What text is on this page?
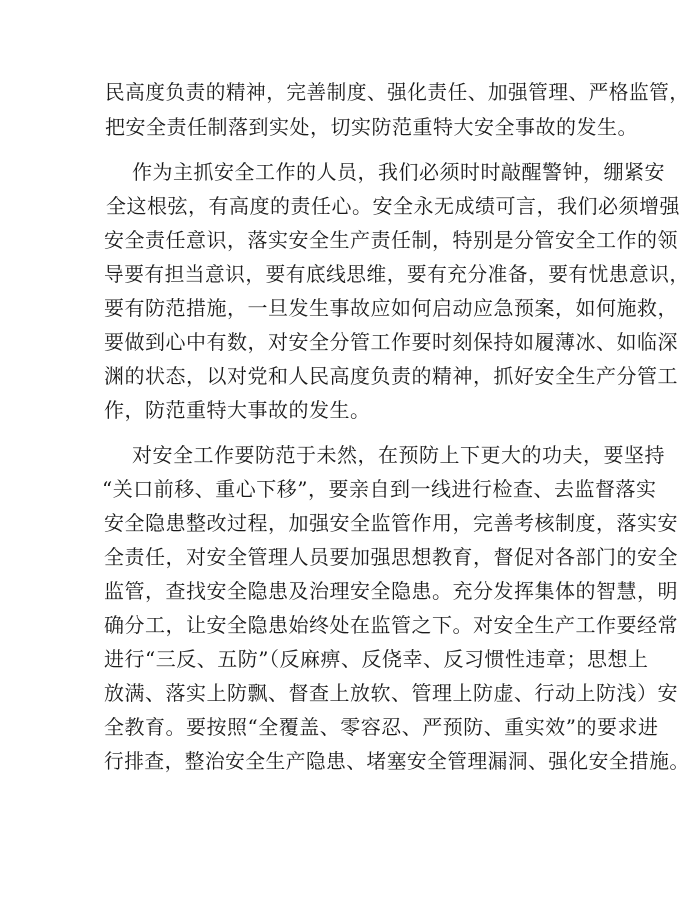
民高度负责的精神，完善制度、强化责任、加强管理、严格监管，
把安全责任制落到实处，切实防范重特大安全事故的发生。
作为主抓安全工作的人员，我们必须时时敲醒警钟，绷紧安
全这根弦，有高度的责任心。安全永无成绩可言，我们必须增强
安全责任意识，落实安全生产责任制，特别是分管安全工作的领
导要有担当意识，要有底线思维，要有充分准备，要有忧患意识，
要有防范措施，一旦发生事故应如何启动应急预案，如何施救，
要做到心中有数，对安全分管工作要时刻保持如履薄冰、如临深
渊的状态，以对党和人民高度负责的精神，抓好安全生产分管工
作，防范重特大事故的发生。
对安全工作要防范于未然，在预防上下更大的功夫，要坚持
“关口前移、重心下移”，要亲自到一线进行检查、去监督落实
安全隐患整改过程，加强安全监管作用，完善考核制度，落实安
全责任，对安全管理人员要加强思想教育，督促对各部门的安全
监管，查找安全隐患及治理安全隐患。充分发挥集体的智慧，明
确分工，让安全隐患始终处在监管之下。对安全生产工作要经常
进行“三反、五防”（反麻痹、反侥幸、反习惯性违章；思想上
放满、落实上防飘、督查上放软、管理上防虚、行动上防浅）安
全教育。要按照“全覆盖、零容忍、严预防、重实效”的要求进
行排查，整治安全生产隐患、堵塞安全管理漏洞、强化安全措施。
